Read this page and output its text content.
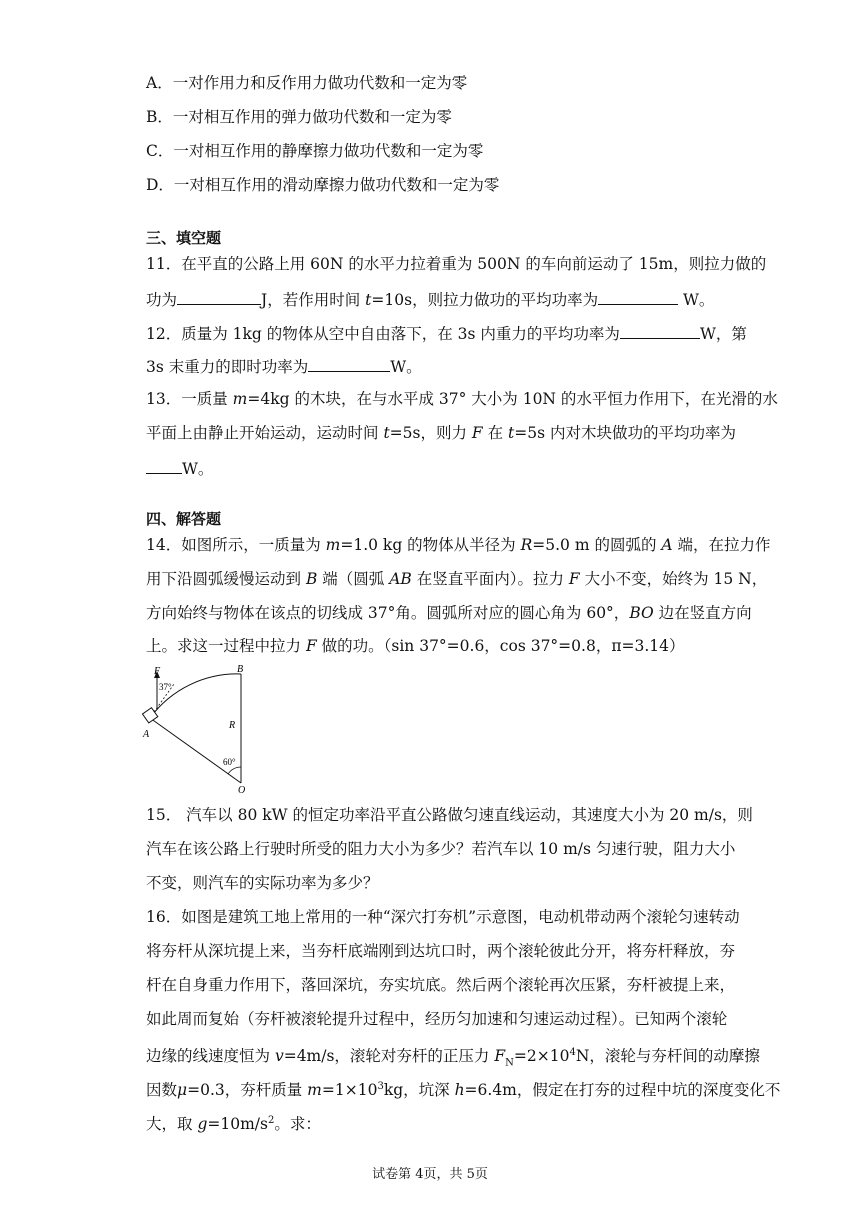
A．一对作用力和反作用力做功代数和一定为零
B．一对相互作用的弹力做功代数和一定为零
C．一对相互作用的静摩擦力做功代数和一定为零
D．一对相互作用的滑动摩擦力做功代数和一定为零
三、填空题
11．在平直的公路上用 60N 的水平力拉着重为 500N 的车向前运动了 15m，则拉力做的
功为	J，若作用时间 t=10s，则拉力做功的平均功率为	W。
12．质量为 1kg 的物体从空中自由落下，在 3s 内重力的平均功率为	W，第
3s 末重力的即时功率为	W。
13．一质量 m=4kg 的木块，在与水平成 37° 大小为 10N 的水平恒力作用下，在光滑的水
平面上由静止开始运动，运动时间 t=5s，则力 F 在 t=5s 内对木块做功的平均功率为
W。
四、解答题
14．如图所示，一质量为 m=1.0 kg 的物体从半径为 R=5.0 m 的圆弧的 A 端，在拉力作
用下沿圆弧缓慢运动到 B 端（圆弧 AB 在竖直平面内）。拉力 F 大小不变，始终为 15 N，
方向始终与物体在该点的切线成 37°角。圆弧所对应的圆心角为 60°，BO 边在竖直方向
上。求这一过程中拉力 F 做的功。（sin 37°=0.6，cos 37°=0.8，π=3.14）
F
37°
B
R
A
60°
O
15． 汽车以 80 kW 的恒定功率沿平直公路做匀速直线运动，其速度大小为 20 m/s，则
汽车在该公路上行驶时所受的阻力大小为多少？若汽车以 10 m/s 匀速行驶，阻力大小
不变，则汽车的实际功率为多少？
16．如图是建筑工地上常用的一种“深穴打夯机”示意图，电动机带动两个滚轮匀速转动
将夯杆从深坑提上来，当夯杆底端刚到达坑口时，两个滚轮彼此分开，将夯杆释放，夯
杆在自身重力作用下，落回深坑，夯实坑底。然后两个滚轮再次压紧，夯杆被提上来，
如此周而复始（夯杆被滚轮提升过程中，经历匀加速和匀速运动过程）。已知两个滚轮
边缘的线速度恒为 v=4m/s，滚轮对夯杆的正压力 $F_N=2\times 10^4N$，滚轮与夯杆间的动摩擦
因数μ=0.3，夯杆质量 $m=1\times 10^3kg$，坑深 h=6.4m，假定在打夯的过程中坑的深度变化不
大，取 $g=10m/s^2$。求：
试卷第 4页，共 5页
